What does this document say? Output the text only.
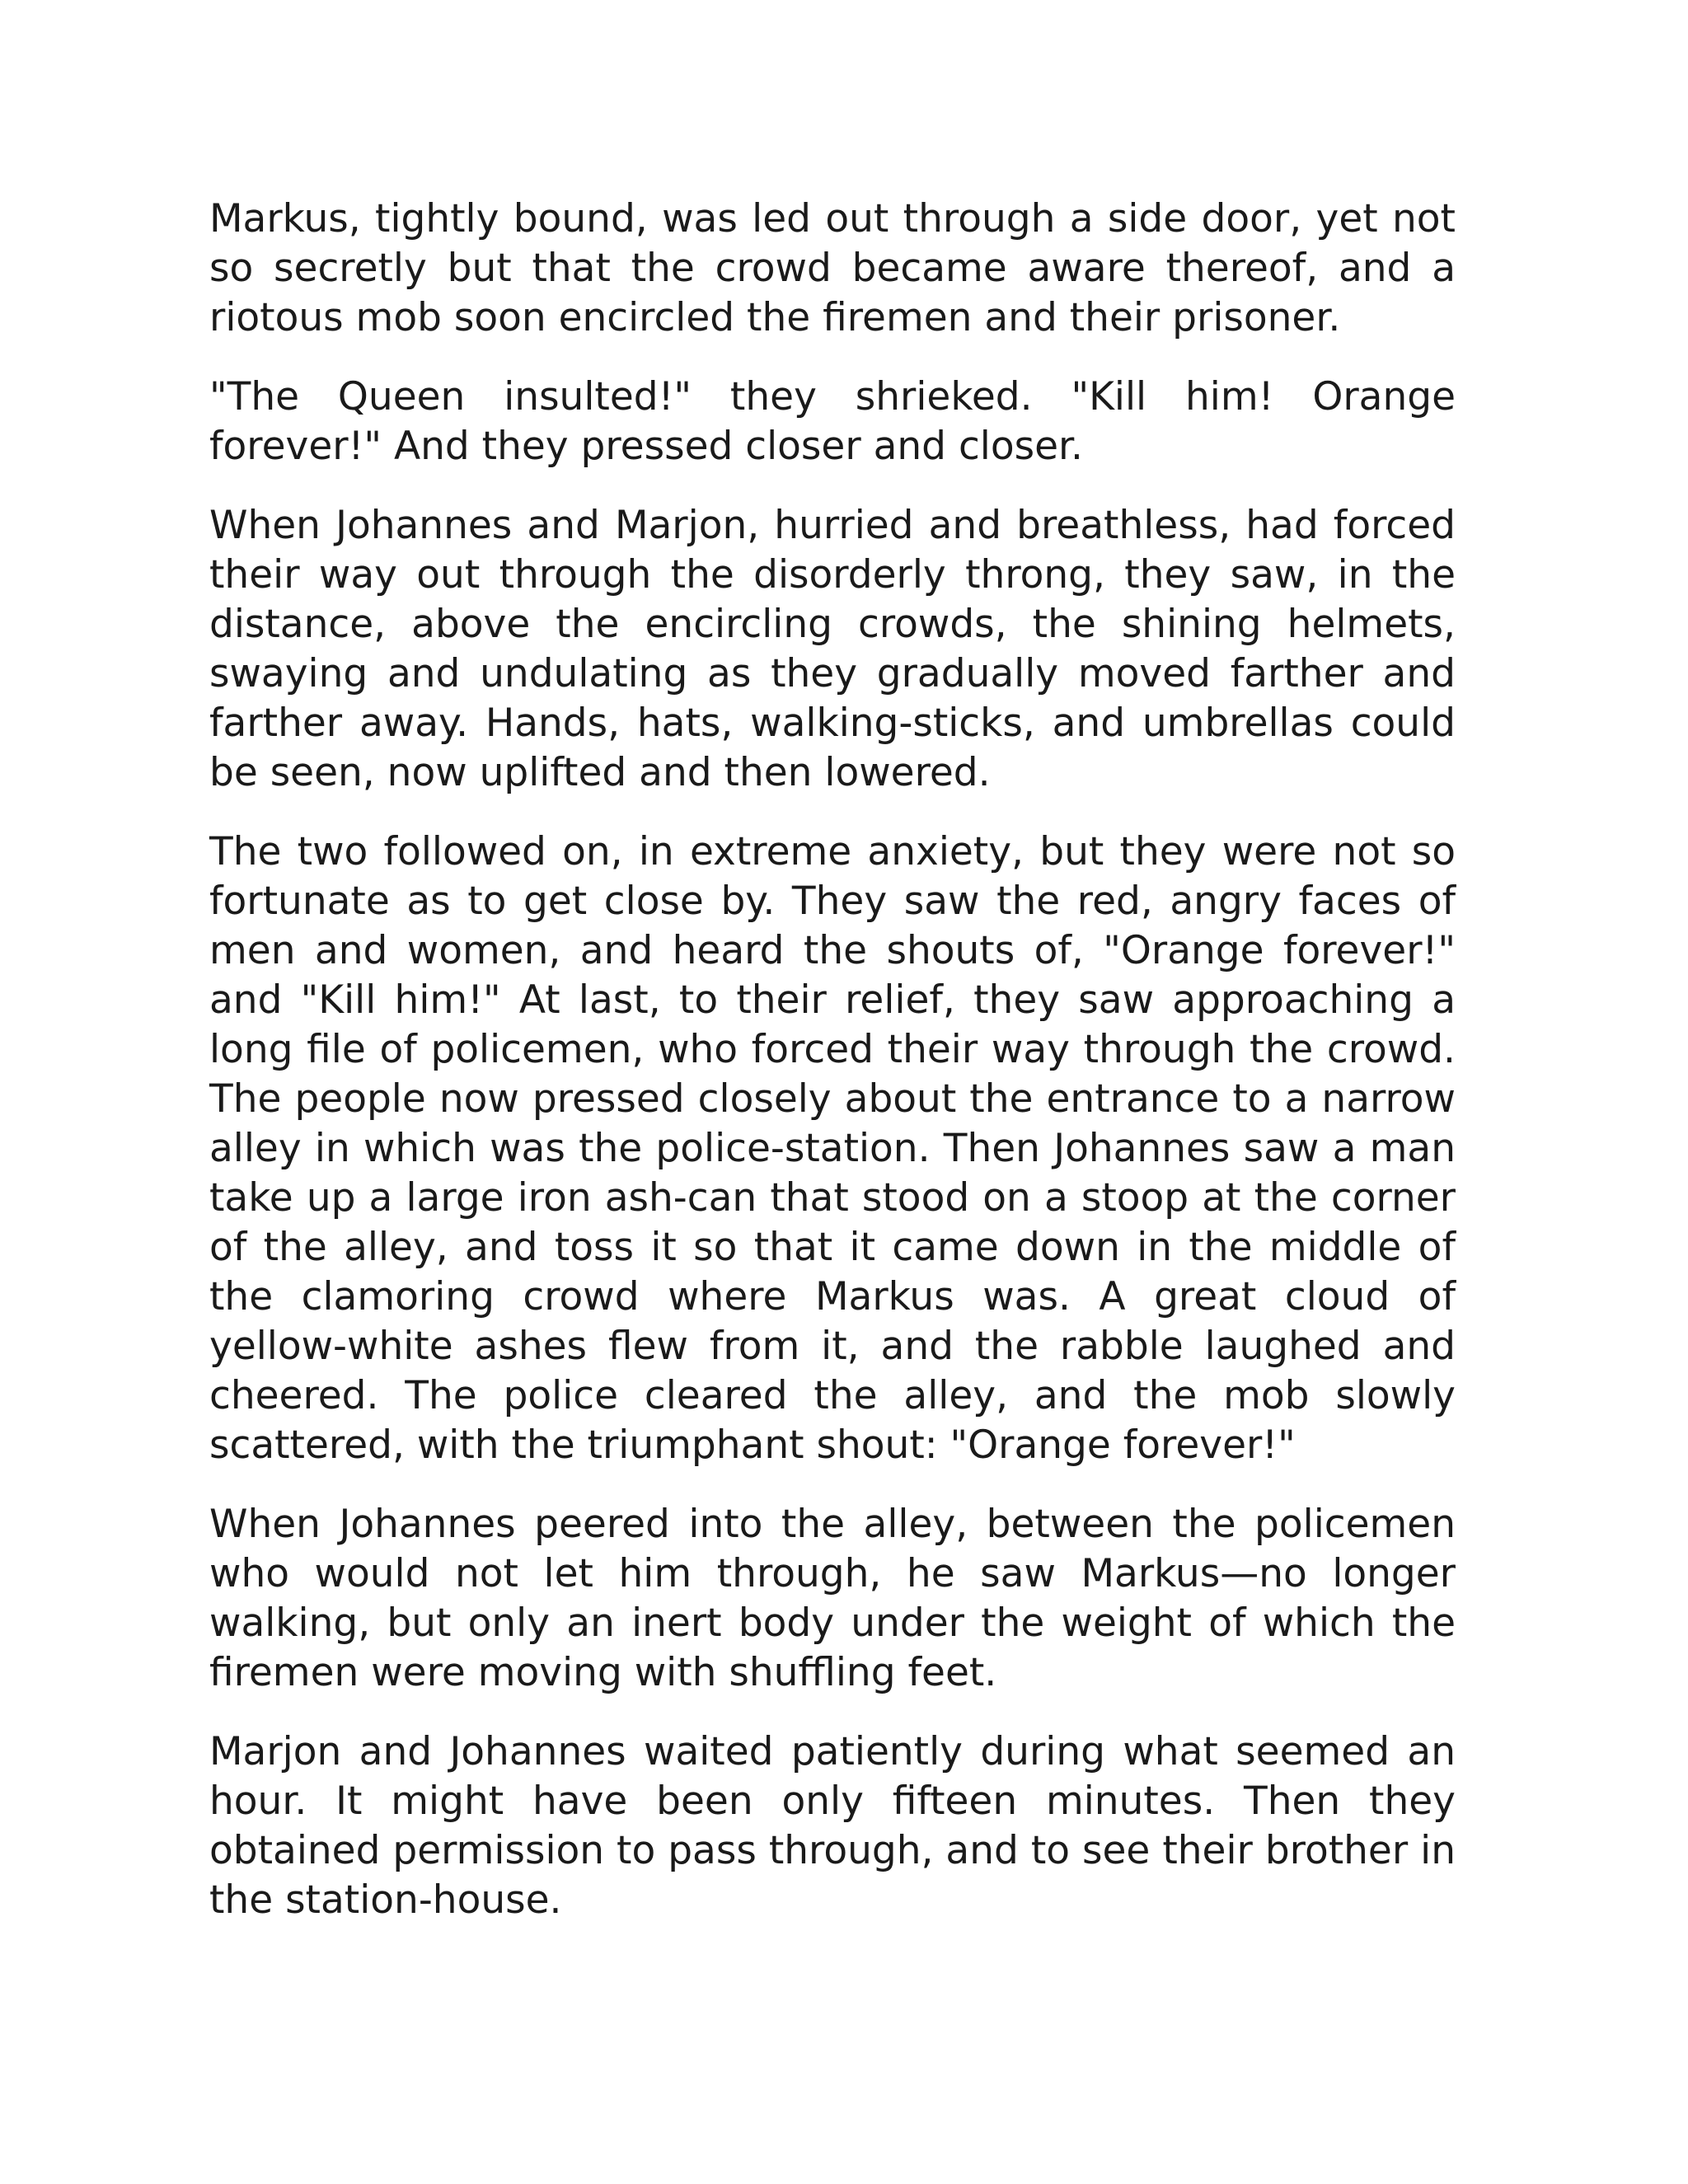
Markus, tightly bound, was led out through a side door, yet not so secretly but that the crowd became aware thereof, and a riotous mob soon encircled the firemen and their prisoner.

"The Queen insulted!" they shrieked. "Kill him! Orange forever!" And they pressed closer and closer.

When Johannes and Marjon, hurried and breathless, had forced their way out through the disorderly throng, they saw, in the distance, above the encircling crowds, the shining helmets, swaying and undulating as they gradually moved farther and farther away. Hands, hats, walking-sticks, and umbrellas could be seen, now uplifted and then lowered.

The two followed on, in extreme anxiety, but they were not so fortunate as to get close by. They saw the red, angry faces of men and women, and heard the shouts of, "Orange forever!" and "Kill him!" At last, to their relief, they saw approaching a long file of policemen, who forced their way through the crowd. The people now pressed closely about the entrance to a narrow alley in which was the police-station. Then Johannes saw a man take up a large iron ash-can that stood on a stoop at the corner of the alley, and toss it so that it came down in the middle of the clamoring crowd where Markus was. A great cloud of yellow-white ashes flew from it, and the rabble laughed and cheered. The police cleared the alley, and the mob slowly scattered, with the triumphant shout: "Orange forever!"

When Johannes peered into the alley, between the policemen who would not let him through, he saw Markus—no longer walking, but only an inert body under the weight of which the firemen were moving with shuffling feet.

Marjon and Johannes waited patiently during what seemed an hour. It might have been only fifteen minutes. Then they obtained permission to pass through, and to see their brother in the station-house.
